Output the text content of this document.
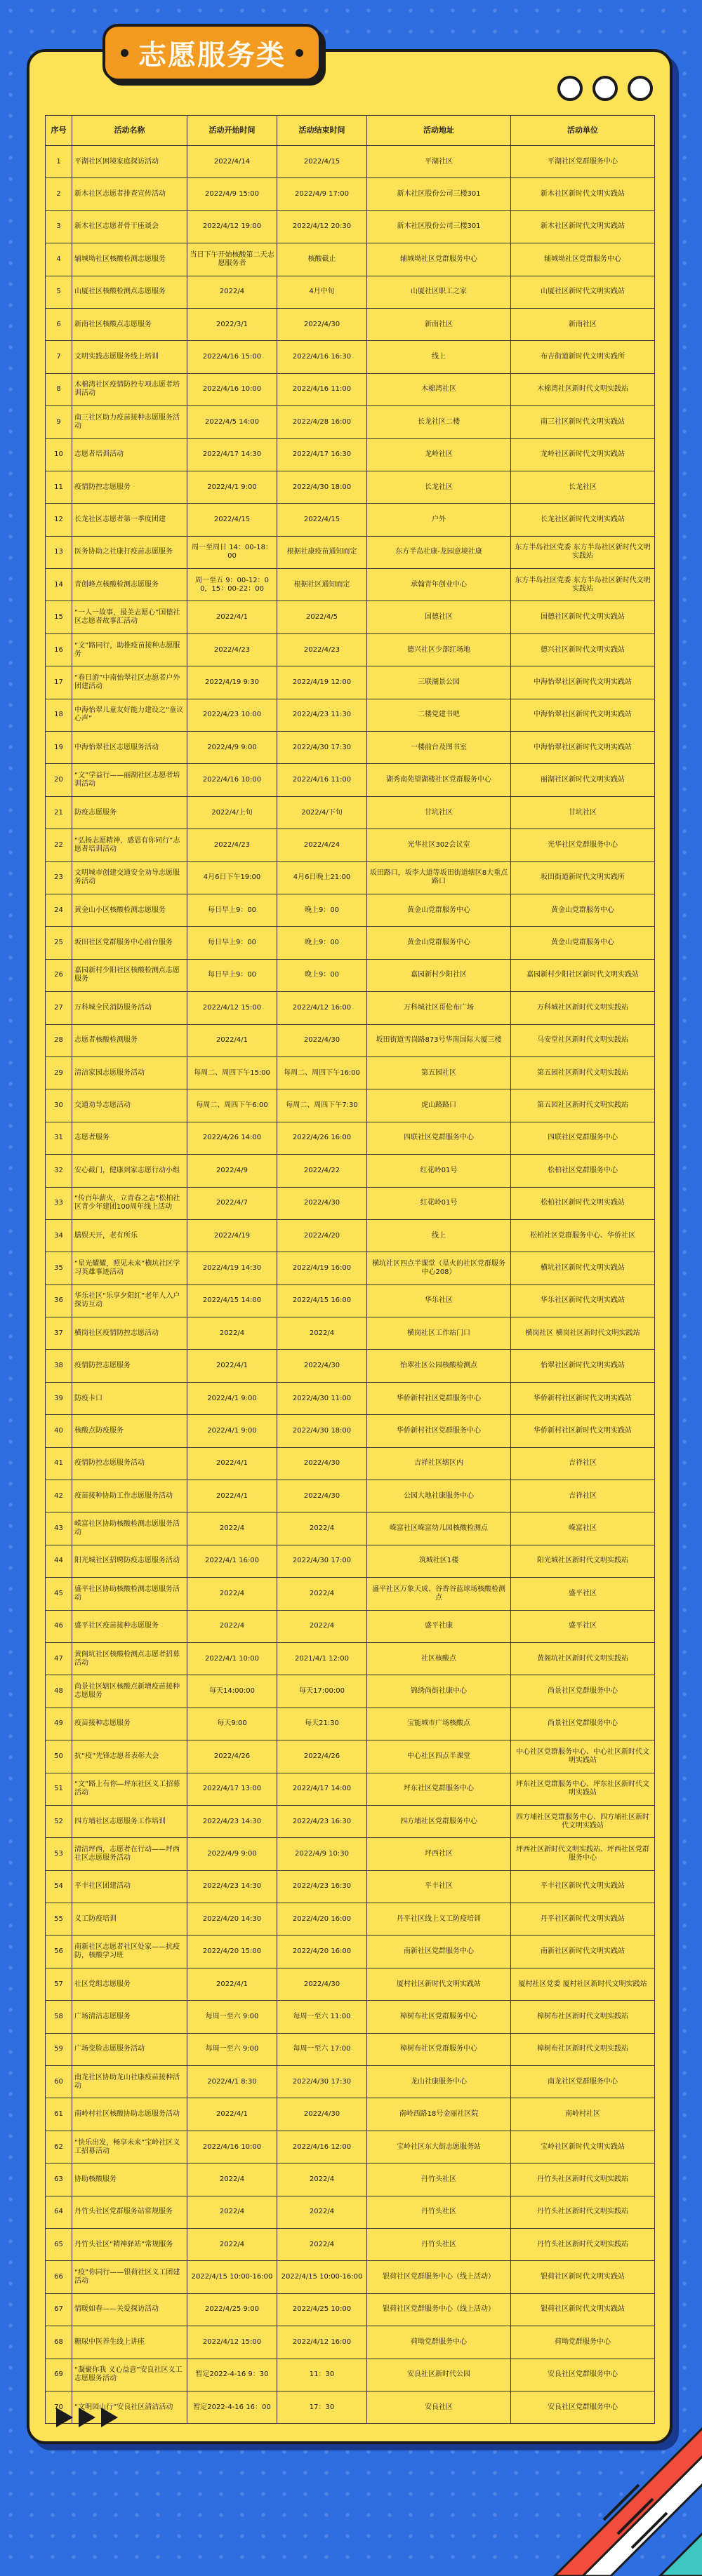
序号	活动名称	活动开始时间	活动结束时间	活动地址	活动单位
1	平湖社区困境家庭探访活动	2022/4/14	2022/4/15	平湖社区	平湖社区党群服务中心
2	新木社区志愿者排查宣传活动	2022/4/9 15:00	2022/4/9 17:00	新木社区股份公司三楼301	新木社区新时代文明实践站
3	新木社区志愿者骨干座谈会	2022/4/12 19:00	2022/4/12 20:30	新木社区股份公司三楼301	新木社区新时代文明实践站
4	辅城坳社区核酸检测志愿服务	当日下午开始核酸第二天志愿服务者	核酸截止	辅城坳社区党群服务中心	辅城坳社区党群服务中心
5	山厦社区核酸检测点志愿服务	2022/4	4月中旬	山厦社区职工之家	山厦社区新时代文明实践站
6	新南社区核酸点志愿服务	2022/3/1	2022/4/30	新南社区	新南社区
7	文明实践志愿服务线上培训	2022/4/16 15:00	2022/4/16 16:30	线上	布吉街道新时代文明实践所
8	木棉湾社区疫情防控专项志愿者培训活动	2022/4/16 10:00	2022/4/16 11:00	木棉湾社区	木棉湾社区新时代文明实践站
9	南三社区助力疫苗接种志愿服务活动	2022/4/5 14:00	2022/4/28 16:00	长龙社区二楼	南三社区新时代文明实践站
10	志愿者培训活动	2022/4/17 14:30	2022/4/17 16:30	龙岭社区	龙岭社区新时代文明实践站
11	疫情防控志愿服务	2022/4/1 9:00	2022/4/30 18:00	长龙社区	长龙社区
12	长龙社区志愿者第一季度团建	2022/4/15	2022/4/15	户外	长龙社区新时代文明实践站
13	医务协助之社康打疫苗志愿服务	周一至周日 14：00-18：00	根据社康疫苗通知而定	东方半岛社康-龙园意境社康	东方半岛社区党委 东方半岛社区新时代文明实践站
14	青创峰点核酸检测志愿服务	周一至五 9：00-12：00，15：00-22：00	根据社区通知而定	承翰青年创业中心	东方半岛社区党委 东方半岛社区新时代文明实践站
15	“一人一故事，最美志愿心”国德社区志愿者故事汇活动	2022/4/1	2022/4/5	国德社区	国德社区新时代文明实践站
16	“文”路同行，助推疫苗接种志愿服务	2022/4/23	2022/4/23	德兴社区少部红场地	德兴社区新时代文明实践站
17	“春日游”中南怡翠社区志愿者户外团建活动	2022/4/19 9:30	2022/4/19 12:00	三联湖景公园	中海怡翠社区新时代文明实践站
18	中海怡翠儿童友好能力建设之“童议心声”	2022/4/23 10:00	2022/4/23 11:30	二楼党建书吧	中海怡翠社区新时代文明实践站
19	中海怡翠社区志愿服务活动	2022/4/9 9:00	2022/4/30 17:30	一楼前台及图书室	中海怡翠社区新时代文明实践站
20	“文”学益行——丽湖社区志愿者培训活动	2022/4/16 10:00	2022/4/16 11:00	湖秀南苑望湖楼社区党群服务中心	丽湖社区新时代文明实践站
21	防疫志愿服务	2022/4/上旬	2022/4/下旬	甘坑社区	甘坑社区
22	“弘扬志愿精神，感恩有你同行”志愿者培训活动	2022/4/23	2022/4/24	光华社区302会议室	光华社区党群服务中心
23	文明城市创建交通安全劝导志愿服务活动	4月6日下午19:00	4月6日晚上21:00	坂田路口，坂李大道等坂田街道辖区8大重点路口	坂田街道新时代文明实践所
24	黄金山小区核酸检测志愿服务	每日早上9：00	晚上9：00	黄金山党群服务中心	黄金山党群服务中心
25	坂田社区党群服务中心前台服务	每日早上9：00	晚上9：00	黄金山党群服务中心	黄金山党群服务中心
26	嘉园新村少阳社区核酸检测点志愿服务	每日早上9：00	晚上9：00	嘉园新村少阳社区	嘉园新村少阳社区新时代文明实践站
27	万科城全民消防服务活动	2022/4/12 15:00	2022/4/12 16:00	万科城社区哥伦布广场	万科城社区新时代文明实践站
28	志愿者核酸检测服务	2022/4/1	2022/4/30	坂田街道雪岗路873号华南国际大厦三楼	马安堂社区新时代文明实践站
29	清洁家园志愿服务活动	每周二、周四下午15:00	每周二、周四下午16:00	第五园社区	第五园社区新时代文明实践站
30	交通劝导志愿活动	每周二、周四下午6:00	每周二、周四下午7:30	虎山路路口	第五园社区新时代文明实践站
31	志愿者服务	2022/4/26 14:00	2022/4/26 16:00	四联社区党群服务中心	四联社区党群服务中心
32	安心截门，健康到家志愿行动小组	2022/4/9	2022/4/22	红花岭01号	松柏社区党群服务中心
33	“传百年薪火，立青春之志”松柏社区青少年建团100周年线上活动	2022/4/7	2022/4/30	红花岭01号	松柏社区新时代文明实践站
34	膳娱天开，老有所乐	2022/4/19	2022/4/20	线上	松柏社区党群服务中心、华侨社区
35	“星光耀耀，照见未来”横坑社区学习英雄事迹活动	2022/4/19 14:30	2022/4/19 16:00	横坑社区四点半课堂（星火的社区党群服务中心208）	横坑社区新时代文明实践站
36	华乐社区“乐享夕阳红”老年人入户探访互动	2022/4/15 14:00	2022/4/15 16:00	华乐社区	华乐社区新时代文明实践站
37	横岗社区疫情防控志愿活动	2022/4	2022/4	横岗社区工作站门口	横岗社区 横岗社区新时代文明实践站
38	疫情防控志愿服务	2022/4/1	2022/4/30	怡翠社区公园核酸检测点	怡翠社区新时代文明实践站
39	防疫卡口	2022/4/1 9:00	2022/4/30 11:00	华侨新村社区党群服务中心	华侨新村社区新时代文明实践站
40	核酸点防疫服务	2022/4/1 9:00	2022/4/30 18:00	华侨新村社区党群服务中心	华侨新村社区新时代文明实践站
41	疫情防控志愿服务活动	2022/4/1	2022/4/30	吉祥社区辖区内	吉祥社区
42	疫苗接种协助工作志愿服务活动	2022/4/1	2022/4/30	公园大地社康服务中心	吉祥社区
43	嵘富社区协助核酸检测志愿服务活动	2022/4	2022/4	嵘富社区嵘富幼儿园核酸检测点	嵘富社区
44	阳光城社区招聘防疫志愿服务活动	2022/4/1 16:00	2022/4/30 17:00	筑城社区1楼	阳光城社区新时代文明实践站
45	盛平社区协助核酸检测志愿服务活动	2022/4	2022/4	盛平社区万象天成、谷香谷蓝球场核酸检测点	盛平社区
46	盛平社区疫苗接种志愿服务	2022/4	2022/4	盛平社康	盛平社区
47	黄阁坑社区核酸检测点志愿者招募活动	2022/4/1 10:00	2021/4/1 12:00	社区核酸点	黄阁坑社区新时代文明实践站
48	尚景社区辖区核酸点新增疫苗接种志愿服务	每天14:00:00	每天17:00:00	锦绣尚街社康中心	尚景社区党群服务中心
49	疫苗接种志愿服务	每天9:00	每天21:30	宝能城市广场核酸点	尚景社区党群服务中心
50	抗“疫”先锋志愿者表彰大会	2022/4/26	2022/4/26	中心社区四点半课堂	中心社区党群服务中心、中心社区新时代文明实践站
51	“文”路上有你—坪东社区义工招募活动	2022/4/17 13:00	2022/4/17 14:00	坪东社区党群服务中心	坪东社区党群服务中心、坪东社区新时代文明实践站
52	四方埔社区志愿服务工作培训	2022/4/23 14:30	2022/4/23 16:30	四方埔社区党群服务中心	四方埔社区党群服务中心、四方埔社区新时代文明实践站
53	清洁坪西，志愿者在行动——坪西社区志愿服务活动	2022/4/9 9:00	2022/4/9 10:30	坪西社区	坪西社区新时代文明实践站、坪西社区党群服务中心
54	平丰社区团建活动	2022/4/23 14:30	2022/4/23 16:30	平丰社区	平丰社区新时代文明实践站
55	义工防疫培训	2022/4/20 14:30	2022/4/20 16:00	丹平社区线上义工防疫培训	丹平社区新时代文明实践站
56	南新社区志愿者社区处家——抗疫防，核酸学习班	2022/4/20 15:00	2022/4/20 16:00	南新社区党群服务中心	南新社区新时代文明实践站
57	社区党组志愿服务	2022/4/1	2022/4/30	厦村社区新时代文明实践站	厦村社区党委 厦村社区新时代文明实践站
58	广场清洁志愿服务	每周一至六 9:00	每周一至六 11:00	樟树布社区党群服务中心	樟树布社区新时代文明实践站
59	广场变脸志愿服务活动	每周一至六 9:00	每周一至六 17:00	樟树布社区党群服务中心	樟树布社区新时代文明实践站
60	南龙社区协助龙山社康疫苗接种活动	2022/4/1 8:30	2022/4/30 17:30	龙山社康服务中心	南龙社区党群服务中心
61	南岭村社区核酸协助志愿服务活动	2022/4/1	2022/4/30	南岭西路18号金丽社区院	南岭村社区
62	“快乐出发，畅享未来”宝岭社区义工招募活动	2022/4/16 10:00	2022/4/16 12:00	宝岭社区东大街志愿服务站	宝岭社区新时代文明实践站
63	协助核酸服务	2022/4	2022/4	丹竹头社区	丹竹头社区新时代文明实践站
64	丹竹头社区党群服务站常规服务	2022/4	2022/4	丹竹头社区	丹竹头社区新时代文明实践站
65	丹竹头社区“精神驿站”常规服务	2022/4	2022/4	丹竹头社区	丹竹头社区新时代文明实践站
66	“疫”你同行——银荷社区义工团建活动	2022/4/15 10:00-16:00	2022/4/15 10:00-16:00	银荷社区党群服务中心（线上活动）	银荷社区新时代文明实践站
67	情暖如春——关爱探访活动	2022/4/25 9:00	2022/4/25 10:00	银荷社区党群服务中心（线上活动）	银荷社区新时代文明实践站
68	糖尿中医养生线上讲座	2022/4/12 15:00	2022/4/12 16:00	荷坳党群服务中心	荷坳党群服务中心
69	“凝聚你我 义心益意”安良社区义工志愿服务活动	暂定2022-4-16 9：30	11：30	安良社区新时代公园	安良社区党群服务中心
70	“文明园山行”安良社区清洁活动	暂定2022-4-16 16：00	17：30	安良社区	安良社区党群服务中心
志愿服务类
